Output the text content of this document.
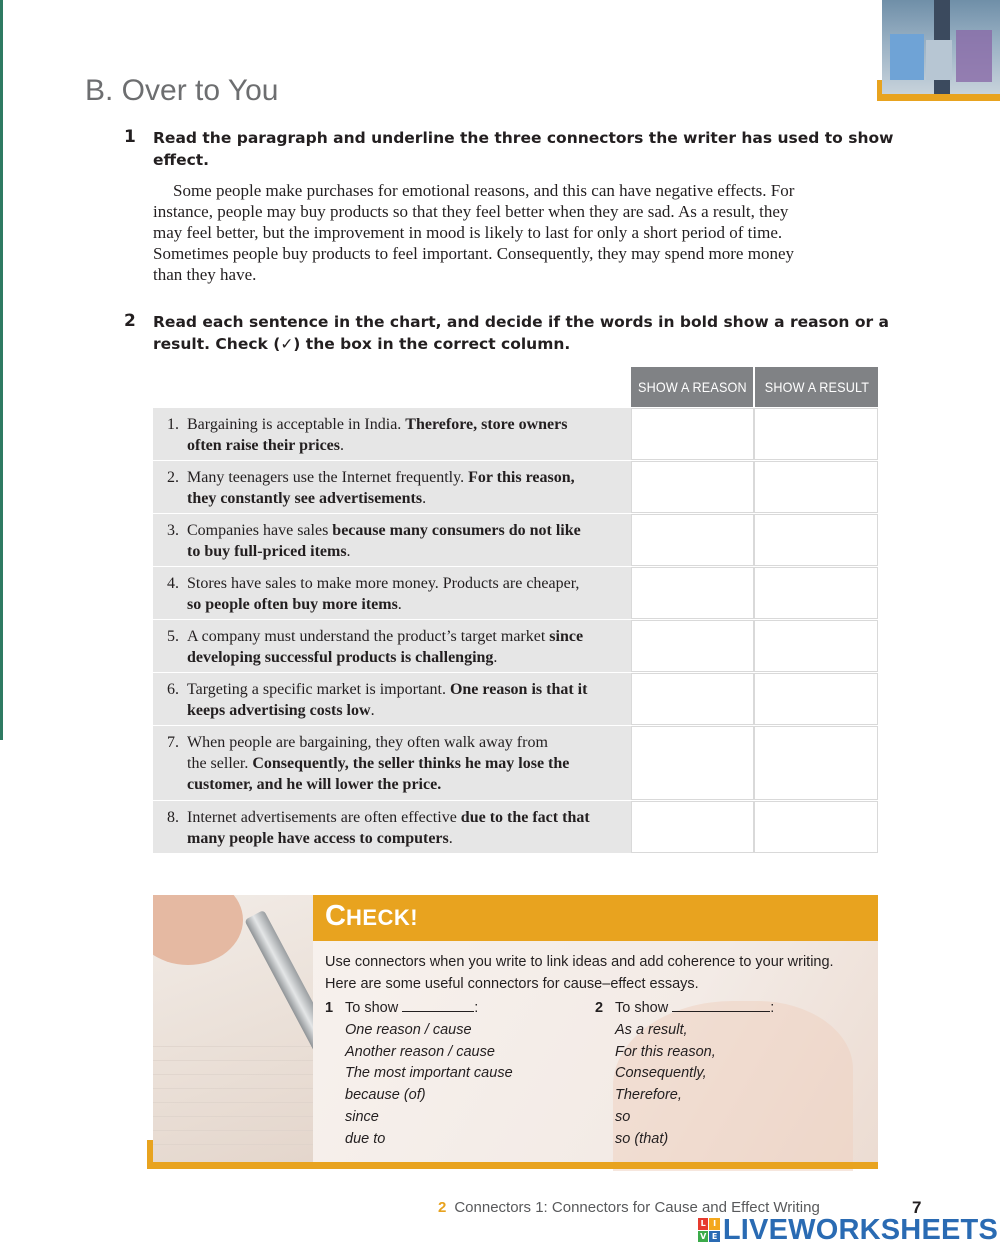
B. Over to You
1 Read the paragraph and underline the three connectors the writer has used to show
effect.
Some people make purchases for emotional reasons, and this can have negative effects. For
instance, people may buy products so that they feel better when they are sad. As a result, they
may feel better, but the improvement in mood is likely to last for only a short period of time.
Sometimes people buy products to feel important. Consequently, they may spend more money
than they have.
2 Read each sentence in the chart, and decide if the words in bold show a reason or a
result. Check (✓) the box in the correct column.
SHOW A REASON SHOW A RESULT
1. Bargaining is acceptable in India. Therefore, store owners
often raise their prices.
2. Many teenagers use the Internet frequently. For this reason,
they constantly see advertisements.
3. Companies have sales because many consumers do not like
to buy full-priced items.
4. Stores have sales to make more money. Products are cheaper,
so people often buy more items.
5. A company must understand the product’s target market since
developing successful products is challenging.
6. Targeting a specific market is important. One reason is that it
keeps advertising costs low.
7. When people are bargaining, they often walk away from
the seller. Consequently, the seller thinks he may lose the
customer, and he will lower the price.
8. Internet advertisements are often effective due to the fact that
many people have access to computers.
CHECK!
Use connectors when you write to link ideas and add coherence to your writing.
Here are some useful connectors for cause–effect essays.
1 To show	:
One reason / cause
Another reason / cause
The most important cause
because (of)
since
due to
2 To show	:
As a result,
For this reason,
Consequently,
Therefore,
so
so (that)
2 Connectors 1: Connectors for Cause and Effect Writing	7
L I
V E LIVEWORKSHEETS
